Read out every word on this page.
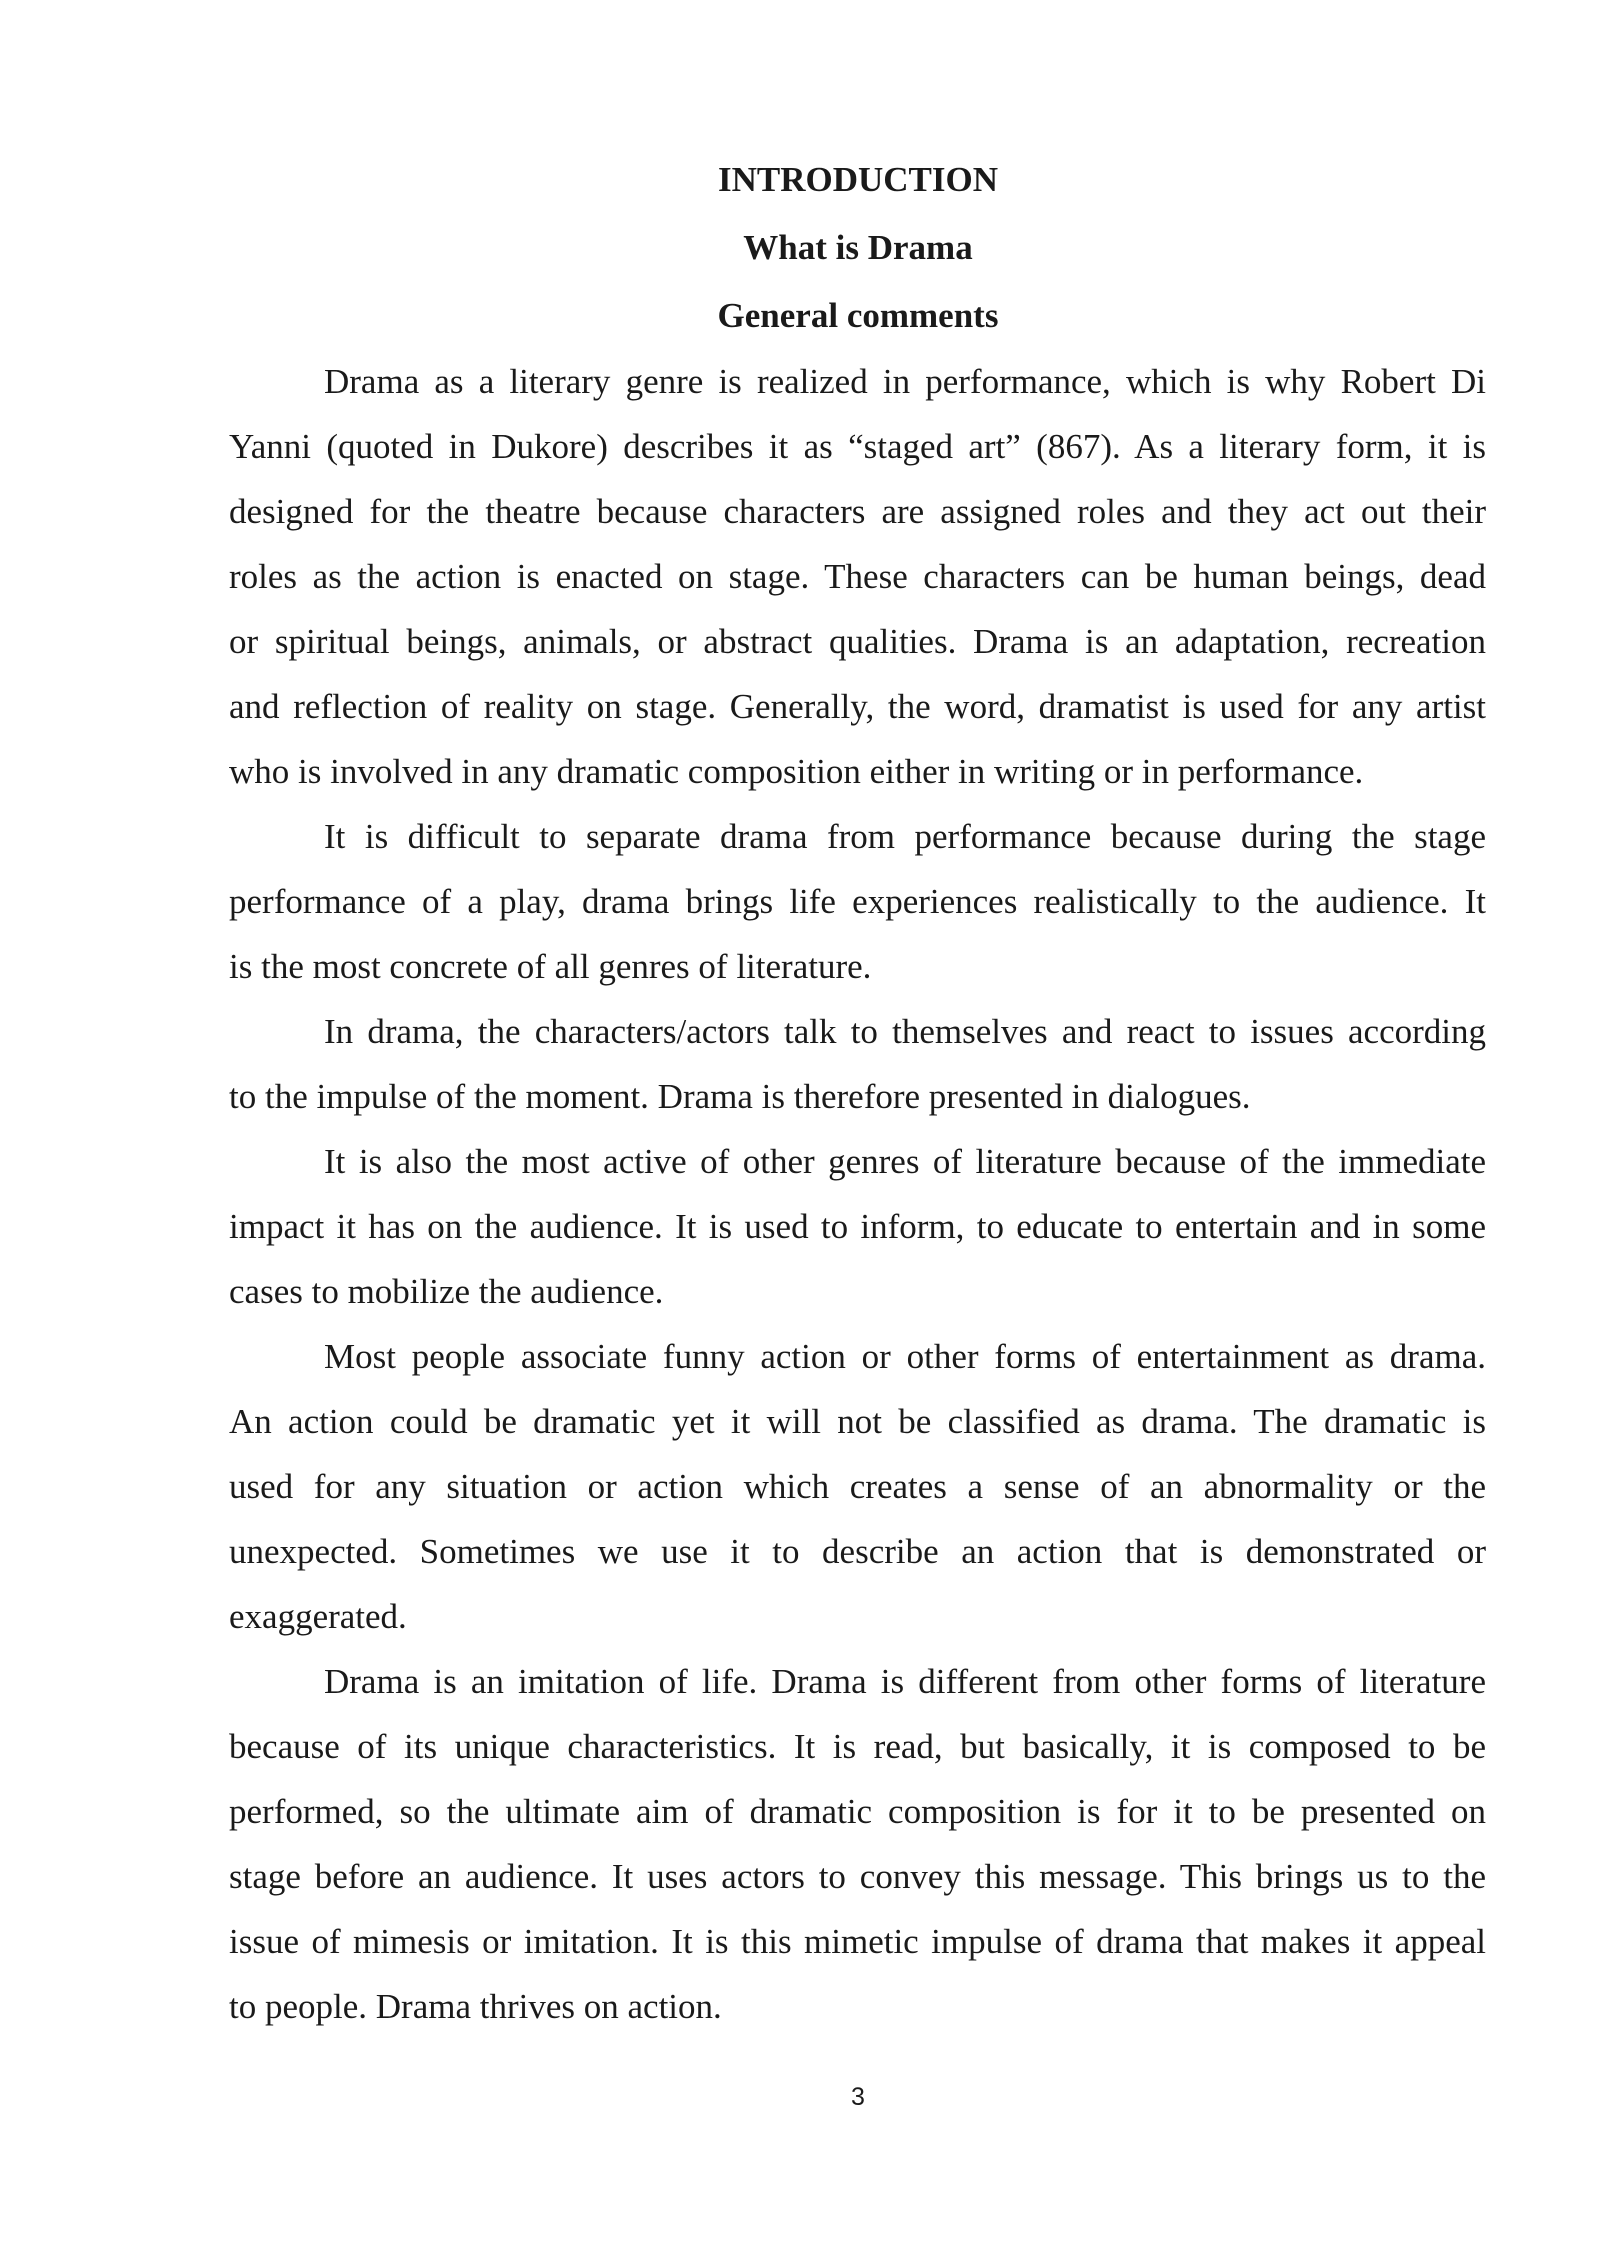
INTRODUCTION
What is Drama
General comments

Drama as a literary genre is realized in performance, which is why Robert Di
Yanni (quoted in Dukore) describes it as “staged art” (867). As a literary form, it is
designed for the theatre because characters are assigned roles and they act out their
roles as the action is enacted on stage. These characters can be human beings, dead
or spiritual beings, animals, or abstract qualities. Drama is an adaptation, recreation
and reflection of reality on stage. Generally, the word, dramatist is used for any artist
who is involved in any dramatic composition either in writing or in performance.

It is difficult to separate drama from performance because during the stage
performance of a play, drama brings life experiences realistically to the audience. It
is the most concrete of all genres of literature.

In drama, the characters/actors talk to themselves and react to issues according
to the impulse of the moment. Drama is therefore presented in dialogues.

It is also the most active of other genres of literature because of the immediate
impact it has on the audience. It is used to inform, to educate to entertain and in some
cases to mobilize the audience.

Most people associate funny action or other forms of entertainment as drama.
An action could be dramatic yet it will not be classified as drama. The dramatic is
used for any situation or action which creates a sense of an abnormality or the
unexpected. Sometimes we use it to describe an action that is demonstrated or
exaggerated.

Drama is an imitation of life. Drama is different from other forms of literature
because of its unique characteristics. It is read, but basically, it is composed to be
performed, so the ultimate aim of dramatic composition is for it to be presented on
stage before an audience. It uses actors to convey this message. This brings us to the
issue of mimesis or imitation. It is this mimetic impulse of drama that makes it appeal
to people. Drama thrives on action.

3
